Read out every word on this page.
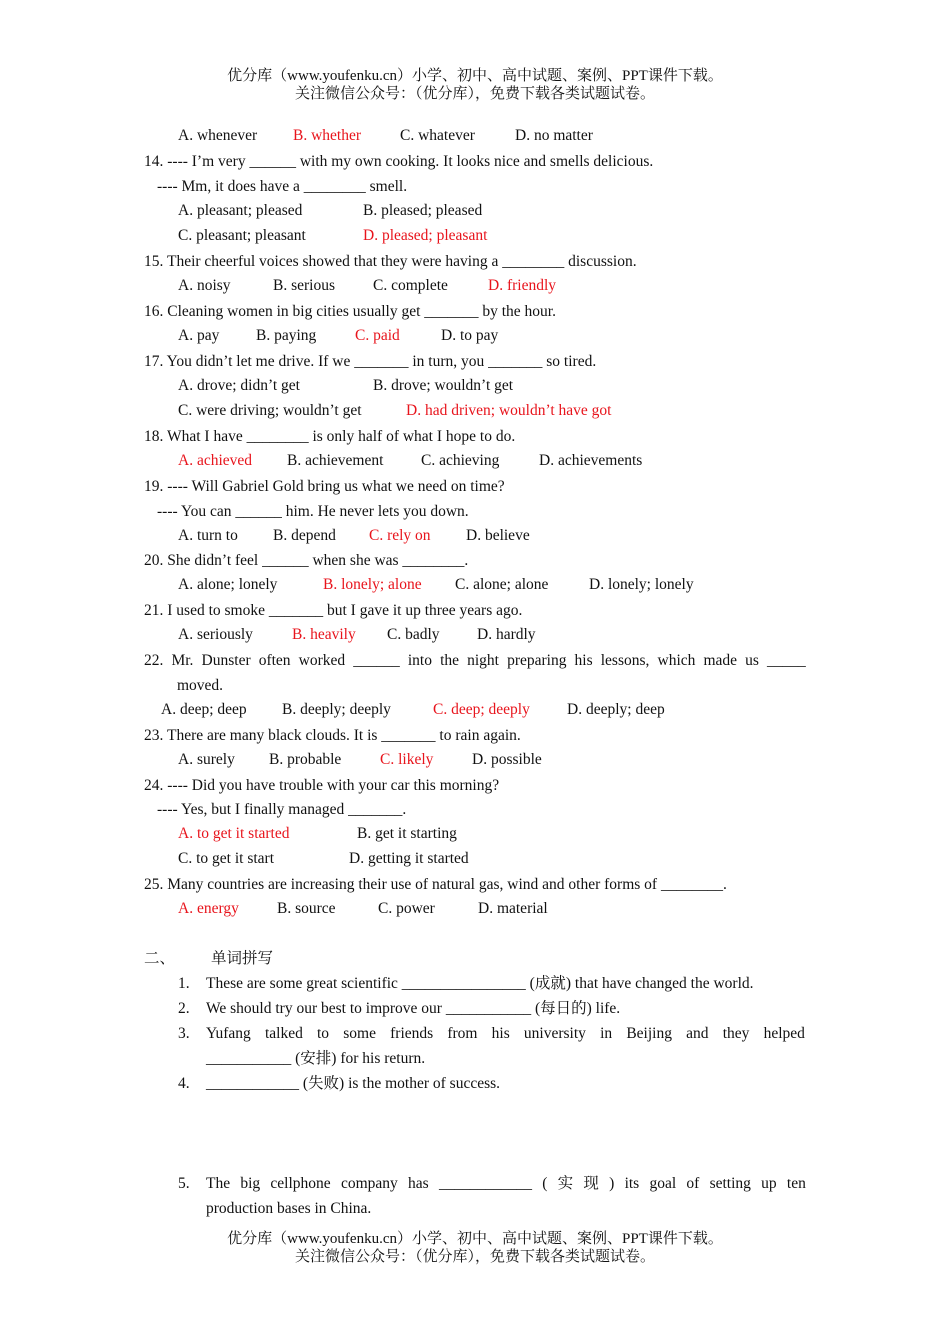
优分库（www.youfenku.cn）小学、初中、高中试题、案例、PPT课件下载。
关注微信公众号：（优分库），免费下载各类试题试卷。
A. whenever B. whether	C. whatever	D. no matter
14. ---- I’m very ______ with my own cooking. It looks nice and smells delicious.
---- Mm, it does have a ________ smell.
A. pleasant; pleased	B. pleased; pleased
C. pleasant; pleasant	D. pleased; pleasant
15. Their cheerful voices showed that they were having a ________ discussion.
A. noisy	B. serious C. complete	D. friendly
16. Cleaning women in big cities usually get _______ by the hour.
A. pay B. paying C. paid	D. to pay
17. You didn’t let me drive. If we _______ in turn, you _______ so tired.
A. drove; didn’t get	B. drove; wouldn’t get
C. were driving; wouldn’t get	D. had driven; wouldn’t have got
18. What I have ________ is only half of what I hope to do.
A. achieved B. achievement C. achieving	D. achievements
19. ---- Will Gabriel Gold bring us what we need on time?
---- You can ______ him. He never lets you down.
A. turn to B. depend C. rely on D. believe
20. She didn’t feel ______ when she was ________.
A. alone; lonely	B. lonely; alone C. alone; alone	D. lonely; lonely
21. I used to smoke _______ but I gave it up three years ago.
A. seriously	B. heavily C. badly D. hardly
22. Mr. Dunster often worked ______ into the night preparing his lessons, which made us _____
moved.
A. deep; deep B. deeply; deeply	C. deep; deeply D. deeply; deep
23. There are many black clouds. It is _______ to rain again.
A. surely B. probable C. likely D. possible
24. ---- Did you have trouble with your car this morning?
---- Yes, but I finally managed _______.
A. to get it started	B. get it starting
C. to get it start	D. getting it started
25. Many countries are increasing their use of natural gas, wind and other forms of ________.
A. energy B. source	C. power	D. material
二、 单词拼写
1. These are some great scientific ________________ (成就) that have changed the world.
2. We should try our best to improve our ___________ (每日的) life.
3. Yufang talked to some friends from his university in Beijing and they helped
___________ (安排) for his return.
4. ____________ (失败) is the mother of success.
5. The big cellphone company has ____________ ( 实 现 ) its goal of setting up ten
production bases in China.
优分库（www.youfenku.cn）小学、初中、高中试题、案例、PPT课件下载。
关注微信公众号：（优分库），免费下载各类试题试卷。
